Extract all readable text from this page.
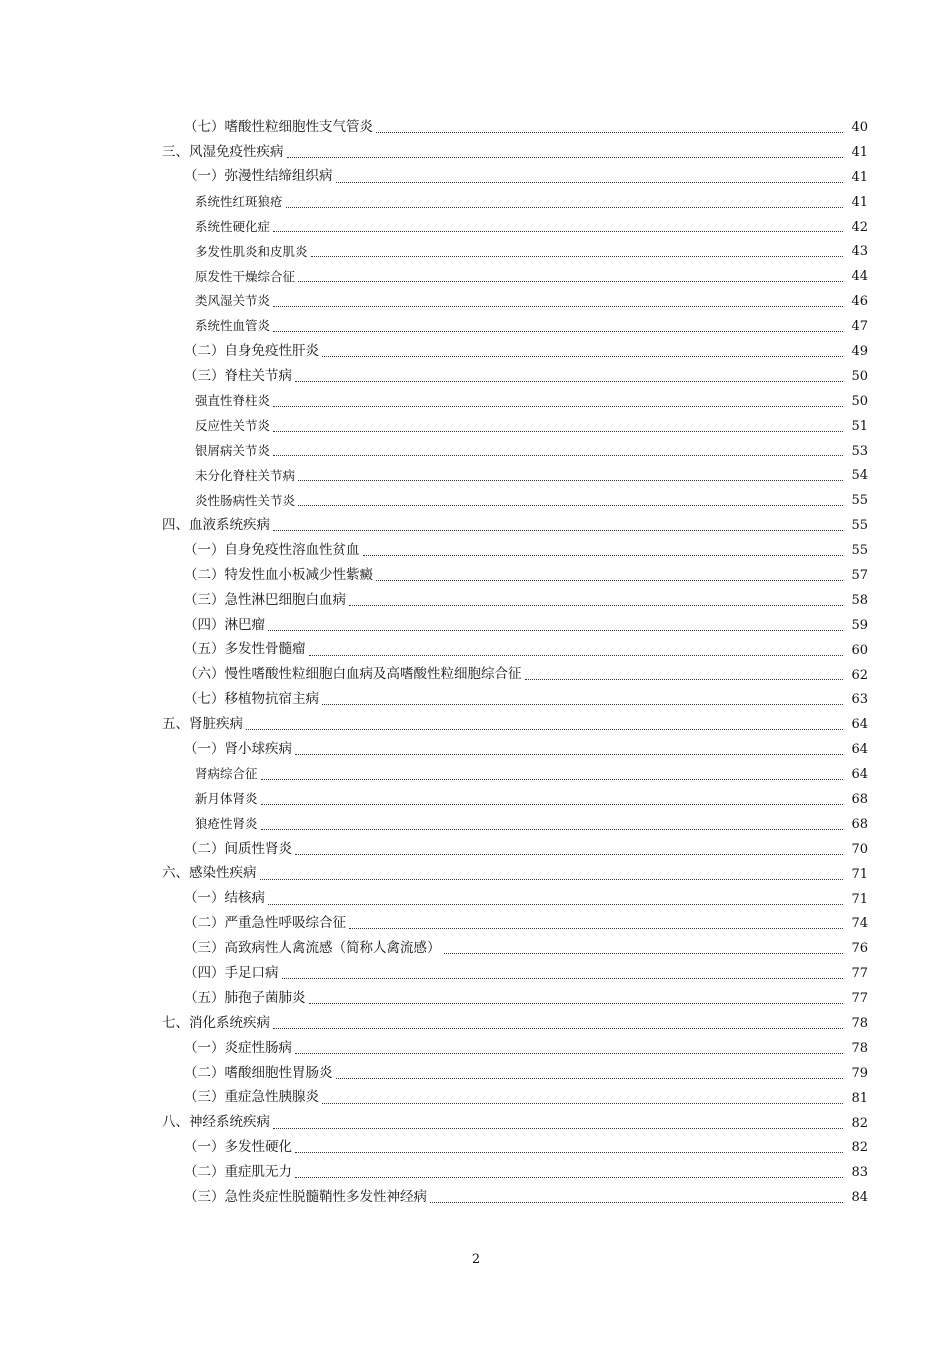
（七）嗜酸性粒细胞性支气管炎	40
三、风湿免疫性疾病	41
（一）弥漫性结缔组织病	41
系统性红斑狼疮	41
系统性硬化症	42
多发性肌炎和皮肌炎	43
原发性干燥综合征	44
类风湿关节炎	46
系统性血管炎	47
（二）自身免疫性肝炎	49
（三）脊柱关节病	50
强直性脊柱炎	50
反应性关节炎	51
银屑病关节炎	53
未分化脊柱关节病	54
炎性肠病性关节炎	55
四、血液系统疾病	55
（一）自身免疫性溶血性贫血	55
（二）特发性血小板减少性紫癜	57
（三）急性淋巴细胞白血病	58
（四）淋巴瘤	59
（五）多发性骨髓瘤	60
（六）慢性嗜酸性粒细胞白血病及高嗜酸性粒细胞综合征	62
（七）移植物抗宿主病	63
五、肾脏疾病	64
（一）肾小球疾病	64
肾病综合征	64
新月体肾炎	68
狼疮性肾炎	68
（二）间质性肾炎	70
六、感染性疾病	71
（一）结核病	71
（二）严重急性呼吸综合征	74
（三）高致病性人禽流感（简称人禽流感）	76
（四）手足口病	77
（五）肺孢子菌肺炎	77
七、消化系统疾病	78
（一）炎症性肠病	78
（二）嗜酸细胞性胃肠炎	79
（三）重症急性胰腺炎	81
八、神经系统疾病	82
（一）多发性硬化	82
（二）重症肌无力	83
（三）急性炎症性脱髓鞘性多发性神经病	84
2
